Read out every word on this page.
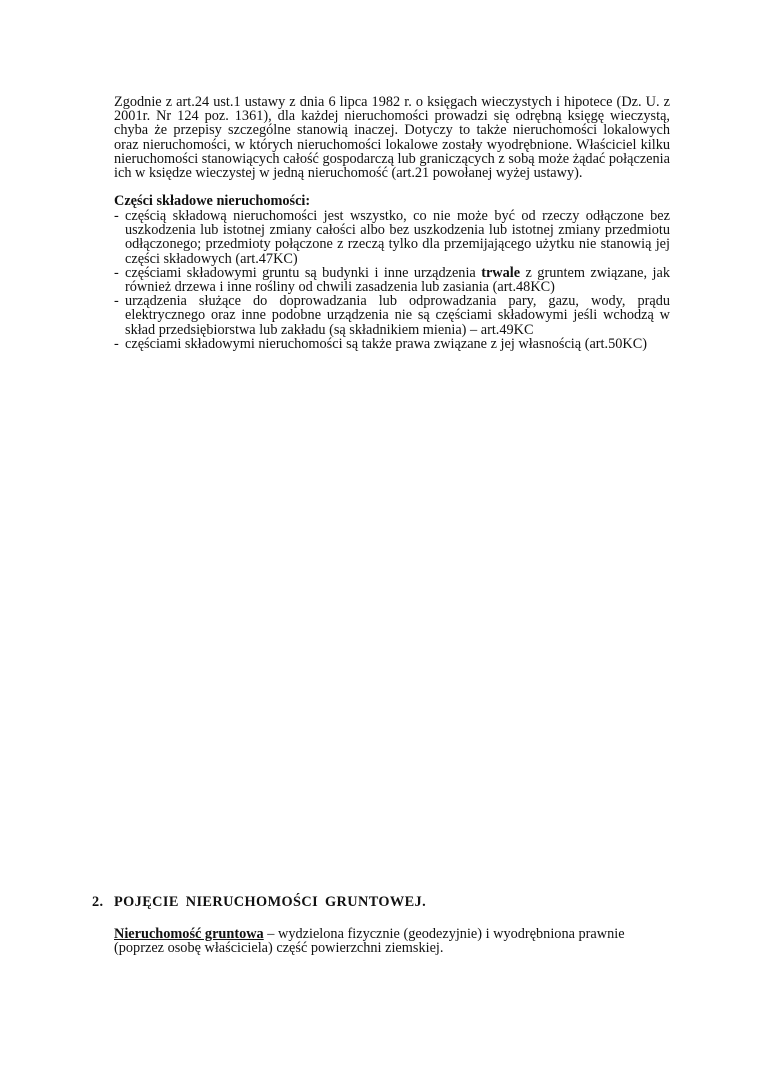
Zgodnie z art.24 ust.1 ustawy z dnia 6 lipca 1982 r. o księgach wieczystych i hipotece (Dz. U. z 2001r. Nr 124 poz. 1361), dla każdej nieruchomości prowadzi się odrębną księgę wieczystą, chyba że przepisy szczególne stanowią inaczej. Dotyczy to także nieruchomości lokalowych oraz nieruchomości, w których nieruchomości lokalowe zostały wyodrębnione. Właściciel kilku nieruchomości stanowiących całość gospodarczą lub graniczących z sobą może żądać połączenia ich w księdze wieczystej w jedną nieruchomość (art.21 powołanej wyżej ustawy).

Części składowe nieruchomości:
- częścią składową nieruchomości jest wszystko, co nie może być od rzeczy odłączone bez uszkodzenia lub istotnej zmiany całości albo bez uszkodzenia lub istotnej zmiany przedmiotu odłączonego; przedmioty połączone z rzeczą tylko dla przemijającego użytku nie stanowią jej części składowych (art.47KC)
- częściami składowymi gruntu są budynki i inne urządzenia trwale z gruntem związane, jak również drzewa i inne rośliny od chwili zasadzenia lub zasiania (art.48KC)
- urządzenia służące do doprowadzania lub odprowadzania pary, gazu, wody, prądu elektrycznego oraz inne podobne urządzenia nie są częściami składowymi jeśli wchodzą w skład przedsiębiorstwa lub zakładu (są składnikiem mienia) – art.49KC
- częściami składowymi nieruchomości są także prawa związane z jej własnością (art.50KC)
2. POJĘCIE NIERUCHOMOŚCI GRUNTOWEJ.

Nieruchomość gruntowa – wydzielona fizycznie (geodezyjnie) i wyodrębniona prawnie (poprzez osobę właściciela) część powierzchni ziemskiej.
